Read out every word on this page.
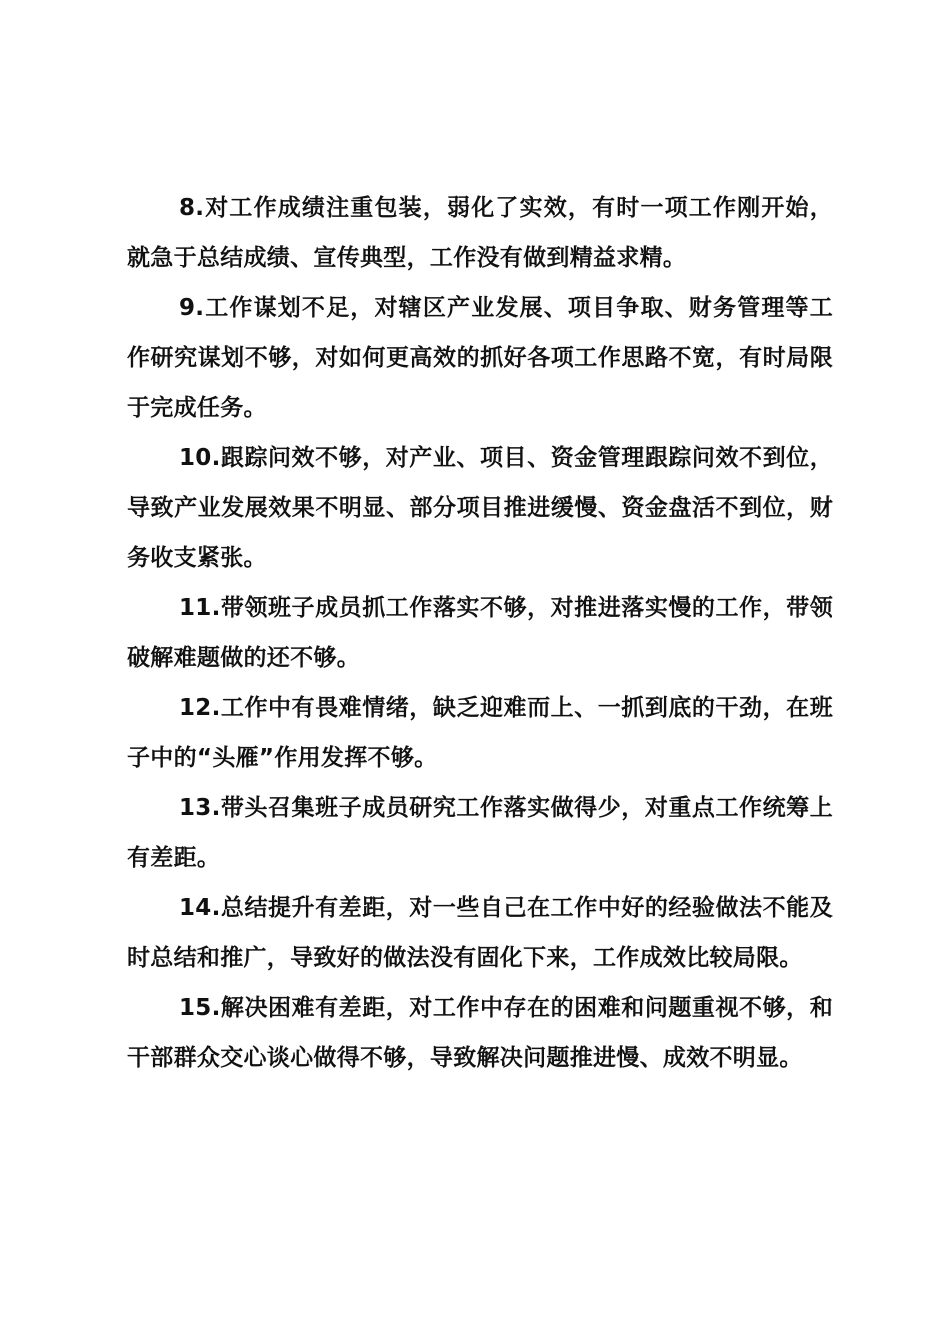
8.对工作成绩注重包装，弱化了实效，有时一项工作刚开始，就急于总结成绩、宣传典型，工作没有做到精益求精。

9.工作谋划不足，对辖区产业发展、项目争取、财务管理等工作研究谋划不够，对如何更高效的抓好各项工作思路不宽，有时局限于完成任务。

10.跟踪问效不够，对产业、项目、资金管理跟踪问效不到位，导致产业发展效果不明显、部分项目推进缓慢、资金盘活不到位，财务收支紧张。

11.带领班子成员抓工作落实不够，对推进落实慢的工作，带领破解难题做的还不够。

12.工作中有畏难情绪，缺乏迎难而上、一抓到底的干劲，在班子中的“头雁”作用发挥不够。

13.带头召集班子成员研究工作落实做得少，对重点工作统筹上有差距。

14.总结提升有差距，对一些自己在工作中好的经验做法不能及时总结和推广，导致好的做法没有固化下来，工作成效比较局限。

15.解决困难有差距，对工作中存在的困难和问题重视不够，和干部群众交心谈心做得不够，导致解决问题推进慢、成效不明显。
